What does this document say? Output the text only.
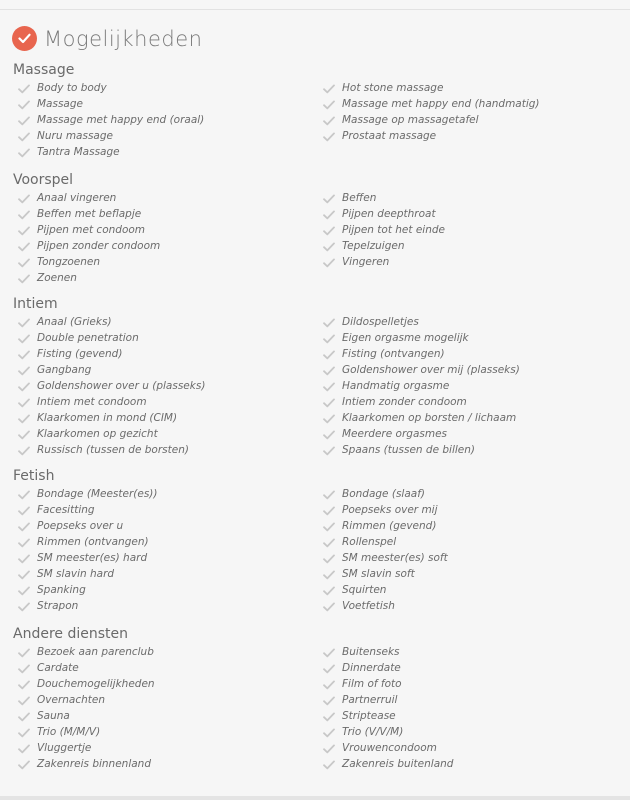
Mogelijkheden
Massage
Body to body
Massage
Massage met happy end (oraal)
Nuru massage
Tantra Massage
Hot stone massage
Massage met happy end (handmatig)
Massage op massagetafel
Prostaat massage
Voorspel
Anaal vingeren
Beffen met beflapje
Pijpen met condoom
Pijpen zonder condoom
Tongzoenen
Zoenen
Beffen
Pijpen deepthroat
Pijpen tot het einde
Tepelzuigen
Vingeren
Intiem
Anaal (Grieks)
Double penetration
Fisting (gevend)
Gangbang
Goldenshower over u (plasseks)
Intiem met condoom
Klaarkomen in mond (CIM)
Klaarkomen op gezicht
Russisch (tussen de borsten)
Dildospelletjes
Eigen orgasme mogelijk
Fisting (ontvangen)
Goldenshower over mij (plasseks)
Handmatig orgasme
Intiem zonder condoom
Klaarkomen op borsten / lichaam
Meerdere orgasmes
Spaans (tussen de billen)
Fetish
Bondage (Meester(es))
Facesitting
Poepseks over u
Rimmen (ontvangen)
SM meester(es) hard
SM slavin hard
Spanking
Strapon
Bondage (slaaf)
Poepseks over mij
Rimmen (gevend)
Rollenspel
SM meester(es) soft
SM slavin soft
Squirten
Voetfetish
Andere diensten
Bezoek aan parenclub
Cardate
Douchemogelijkheden
Overnachten
Sauna
Trio (M/M/V)
Vluggertje
Zakenreis binnenland
Buitenseks
Dinnerdate
Film of foto
Partnerruil
Striptease
Trio (V/V/M)
Vrouwencondoom
Zakenreis buitenland
